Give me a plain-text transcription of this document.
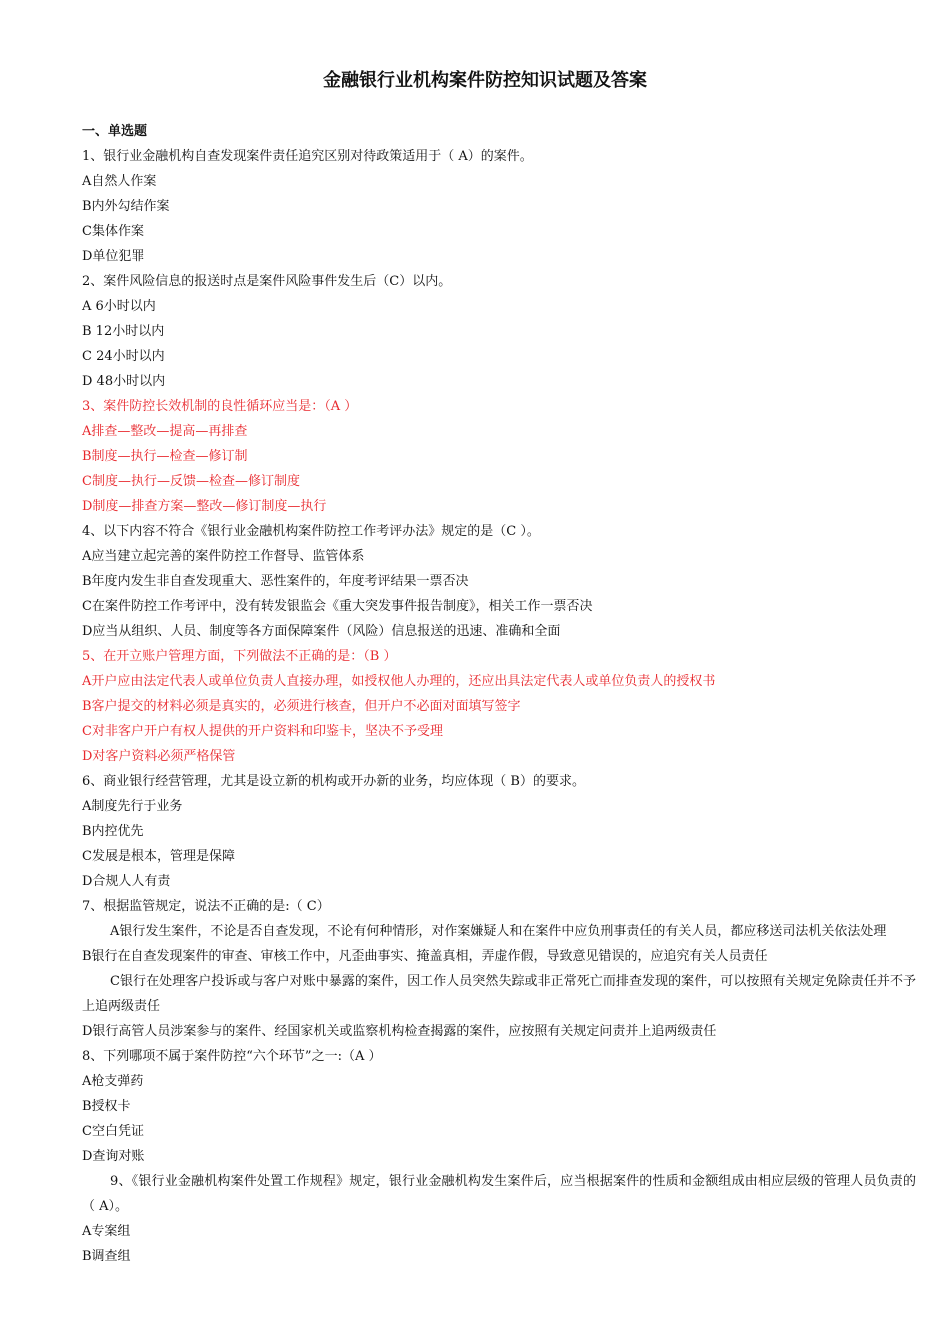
金融银行业机构案件防控知识试题及答案
一、单选题
1、银行业金融机构自查发现案件责任追究区别对待政策适用于（ A）的案件。
A自然人作案
B内外勾结作案
C集体作案
D单位犯罪
2、案件风险信息的报送时点是案件风险事件发生后（C）以内。
A 6小时以内
B 12小时以内
C 24小时以内
D 48小时以内
3、案件防控长效机制的良性循环应当是：（A ）
A排查—整改—提高—再排查
B制度—执行—检查—修订制
C制度—执行—反馈—检查—修订制度
D制度—排查方案—整改—修订制度—执行
4、以下内容不符合《银行业金融机构案件防控工作考评办法》规定的是（C ）。
A应当建立起完善的案件防控工作督导、监管体系
B年度内发生非自查发现重大、恶性案件的，年度考评结果一票否决
C在案件防控工作考评中，没有转发银监会《重大突发事件报告制度》，相关工作一票否决
D应当从组织、人员、制度等各方面保障案件（风险）信息报送的迅速、准确和全面
5、在开立账户管理方面，下列做法不正确的是：（B ）
A开户应由法定代表人或单位负责人直接办理，如授权他人办理的，还应出具法定代表人或单位负责人的授权书
B客户提交的材料必须是真实的，必须进行核查，但开户不必面对面填写签字
C对非客户开户有权人提供的开户资料和印鉴卡，坚决不予受理
D对客户资料必须严格保管
6、商业银行经营管理，尤其是设立新的机构或开办新的业务，均应体现（ B）的要求。
A制度先行于业务
B内控优先
C发展是根本，管理是保障
D合规人人有责
7、根据监管规定，说法不正确的是:（ C）
A银行发生案件，不论是否自查发现，不论有何种情形，对作案嫌疑人和在案件中应负刑事责任的有关人员，都应移送司法机关依法处理
B银行在自查发现案件的审查、审核工作中，凡歪曲事实、掩盖真相，弄虚作假，导致意见错误的，应追究有关人员责任
C银行在处理客户投诉或与客户对账中暴露的案件，因工作人员突然失踪或非正常死亡而排查发现的案件，可以按照有关规定免除责任并不予上追两级责任
D银行高管人员涉案参与的案件、经国家机关或监察机构检查揭露的案件，应按照有关规定问责并上追两级责任
8、下列哪项不属于案件防控“六个环节”之一:（A ）
A枪支弹药
B授权卡
C空白凭证
D查询对账
9、《银行业金融机构案件处置工作规程》规定，银行业金融机构发生案件后，应当根据案件的性质和金额组成由相应层级的管理人员负责的（ A）。
A专案组
B调查组
